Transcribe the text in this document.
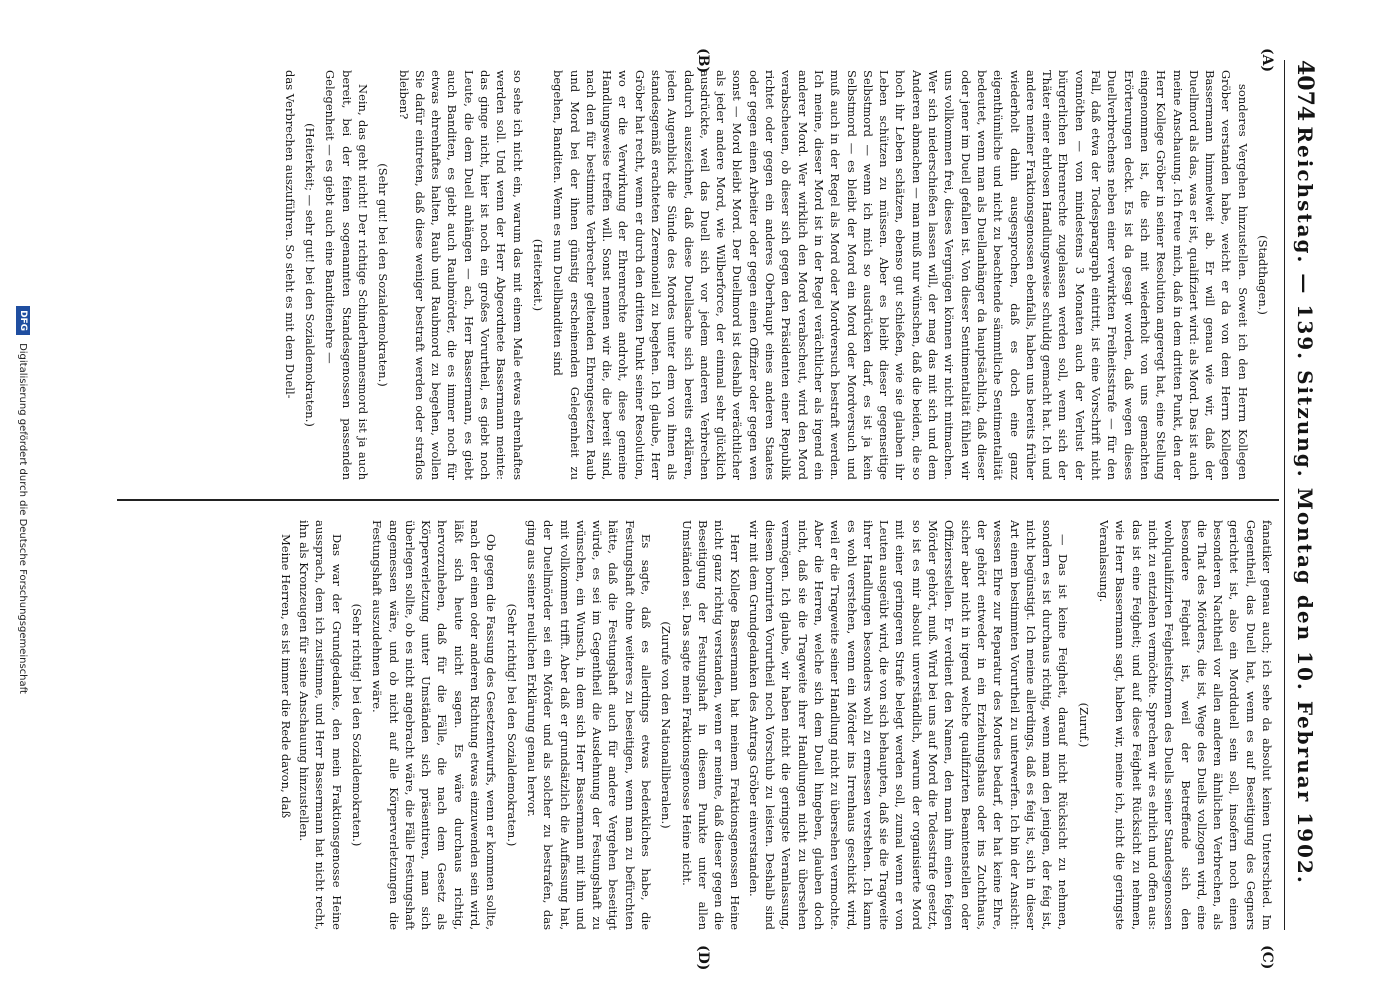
4074
Reichstag. — 139. Sitzung. Montag den 10. Februar 1902.
(A)
(B)
(C)
(D)

(Stadthagen.)

sonderes Vergehen hinzustellen. Soweit ich den Herrn Kollegen Gröber verstanden habe, weicht er da von dem Herrn Kollegen Bassermann himmelweit ab. Er will genau wie wir, daß der Duellmord als das, was er ist, qualifiziert wird: als Mord. Das ist auch meine Anschauung. Ich freue mich, daß in dem dritten Punkt, den der Herr Kollege Gröber in seiner Resolution angeregt hat, eine Stellung eingenommen ist, die sich mit wiederholt von uns gemachten Erörterungen deckt. Es ist da gesagt worden, daß wegen dieses Duellverbrechens neben einer verwirkten Freiheitsstrafe — für den Fall, daß etwa der Todesparagraph eintritt, ist eine Vorschrift nicht vonnöthen — von mindestens 3 Monaten auch der Verlust der bürgerlichen Ehrenrechte zugelassen werden soll, wenn sich der Thäter einer ehrlosen Handlungsweise schuldig gemacht hat. Ich und andere meiner Fraktionsgenossen ebenfalls, haben uns bereits früher wiederholt dahin ausgesprochen, daß es doch eine ganz eigenthümliche und nicht zu beachtende sämmtliche Sentimentalität bedeutet, wenn man als Duellanhänger da hauptsächlich, daß dieser oder jener im Duell gefallen ist. Von dieser Sentimentalität fühlen wir uns vollkommen frei, dieses Vergnügen können wir nicht mitmachen. Wer sich niederschießen lassen will, der mag das mit sich und dem Anderen abmachen — man muß nur wünschen, daß die beiden, die so hoch ihr Leben schätzen, ebenso gut schießen, wie sie glauben ihr Leben schützen zu müssen. Aber es bleibt dieser gegenseitige Selbstmord — wenn ich mich so ausdrücken darf, es ist ja kein Selbstmord — es bleibt der Mord ein Mord oder Mordversuch und muß auch in der Regel als Mord oder Mordversuch bestraft werden. Ich meine, dieser Mord ist in der Regel verächtlicher als irgend ein anderer Mord. Wer wirklich den Mord verabscheut, wird den Mord verabscheuen, ob dieser sich gegen den Präsidenten einer Republik richtet oder gegen ein anderes Oberhaupt eines anderen Staates oder gegen einen Arbeiter oder gegen einen Offizier oder gegen wen sonst — Mord bleibt Mord. Der Duellmord ist deshalb verächtlicher als jeder andere Mord, wie Wilberforce, der einmal sehr glücklich ausdrückte, weil das Duell sich vor jedem anderen Verbrechen dadurch auszeichnet, daß diese Duellsache sich bereits erklären, jeden Augenblick die Sünde des Mordes unter dem von ihnen als standesgemäß erachteten Zeremoniell zu begehen. Ich glaube, Herr Gröber hat recht, wenn er durch den dritten Punkt seiner Resolution, wo er die Verwirkung der Ehrenrechte androht, diese gemeine Handlungsweise treffen will. Sonst nennen wir die, die bereit sind, nach den für bestimmte Verbrecher geltenden Ehrengesetzen Raub und Mord bei der ihnen günstig erscheinenden Gelegenheit zu begehen, Banditen. Wenn es nun Duellbanditen sind

(Heiterkeit.)

so sehe ich nicht ein, warum das mit einem Male etwas ehrenhaftes werden soll. Und wenn der Herr Abgeordnete Bassermann meinte: das ginge nicht, hier ist noch ein großes Vorurtheil, es giebt noch Leute, die dem Duell anhängen — ach, Herr Bassermann, es giebt auch Banditen, es giebt auch Raubmörder, die es immer noch für etwas ehrenhaftes halten, Raub und Raubmord zu begehen, wollen Sie dafür eintreten, daß diese weniger bestraft werden oder straflos bleiben?

(Sehr gut! bei den Sozialdemokraten.)

Nein, das geht nicht! Der richtige Schinderhannesmord ist ja auch bereit, bei der feinen sogenannten Standesgenossen passenden Gelegenheit — es giebt auch eine Banditenehre —

(Heiterkeit; — sehr gut! bei den Sozialdemokraten.)

das Verbrechen auszuführen. So steht es mit dem Duell-

fanatiker genau auch; ich sehe da absolut keinen Unterschied. Im Gegentheil, das Duell hat, wenn es auf Beseitigung des Gegners gerichtet ist, also ein Mordduell sein soll, insofern noch einen besonderen Nachtheil vor allen anderen ähnlichen Verbrechen, als die That des Mörders, die ist, Wege des Duells vollzogen wird, eine besondere Feigheit ist, weil der Betreffende sich den wohlqualifizirten Feigheitsformen des Duells seiner Standesgenossen nicht zu entziehen vermöchte. Sprechen wir es ehrlich und offen aus: das ist eine Feigheit; und auf diese Feigheit Rücksicht zu nehmen, wie Herr Bassermann sagt, haben wir, meine ich, nicht die geringste Veranlassung.

(Zuruf.)

— Das ist keine Feigheit, darauf nicht Rücksicht zu nehmen, sondern es ist durchaus richtig, wenn man den jenigen, der feig ist, nicht begünstigt. Ich meine allerdings, daß es feig ist, sich in dieser Art einem bestimmten Vorurtheil zu unterwerfen. Ich bin der Ansicht: wessen Ehre zur Reparatur des Mordes bedarf, der hat keine Ehre, der gehört entweder in ein Erziehungshaus oder ins Zuchthaus, sicher aber nicht in irgend welche qualifizirten Beamtenstellen oder Offiziersstellen. Er verdient den Namen, den man ihm einen feigen Mörder gehört, muß. Wird bei uns auf Mord die Todesstrafe gesetzt, so ist es mir absolut unverständlich, warum der organisierte Mord mit einer geringeren Strafe belegt werden soll, zumal wenn er von Leuten ausgeübt wird, die von sich behaupten, daß sie die Tragweite ihrer Handlungen besonders wohl zu ermessen verstehen. Ich kann es wohl verstehen, wenn ein Mörder ins Irrenhaus geschickt wird, weil er die Tragweite seiner Handlung nicht zu übersehen vermochte. Aber die Herren, welche sich dem Duell hingeben, glauben doch nicht, daß sie die Tragweite ihrer Handlungen nicht zu übersehen vermögen. Ich glaube, wir haben nicht die geringste Veranlassung, diesem bornirten Vorurtheil noch Vorschub zu leisten. Deshalb sind wir mit dem Grundgedanken des Antrags Gröber einverstanden.

Herr Kollege Bassermann hat meinem Fraktionsgenossen Heine nicht ganz richtig verstanden, wenn er meinte, daß dieser gegen die Beseitigung der Festungshaft in diesem Punkte unter allen Umständen sei. Das sagte mein Fraktionsgenosse Heine nicht.

(Zurufe von den Nationalliberalen.)

Es sagte, daß es allerdings etwas bedenkliches habe, die Festungshaft ohne weiteres zu beseitigen, wenn man zu befürchten hätte, daß die Festungshaft auch für andere Vergehen beseitigt würde, es sei im Gegentheil die Ausdehnung der Festungshaft zu wünschen, ein Wunsch, in dem sich Herr Bassermann mit ihm und mit vollkommen trifft. Aber daß er grundsätzlich die Auffassung hat, der Duellmörder sei ein Mörder und als solcher zu bestrafen, das ging aus seiner neulichen Erklärung genau hervor.

(Sehr richtig! bei den Sozialdemokraten.)

Ob gegen die Fassung des Gesetzentwurfs, wenn er kommen sollte, nach der einen oder anderen Richtung etwas einzuwenden sein wird, läßt sich heute nicht sagen. Es wäre durchaus richtig, hervorzuheben, daß für die Fälle, die nach dem Gesetz als Körperverletzung unter Umständen sich präsentiren, man sich überlegen sollte, ob es nicht angebracht wäre, die Fälle Festungshaft angemessen wäre, und ob nicht auf alle Körperverletzungen die Festungshaft auszudehnen wäre.

(Sehr richtig! bei den Sozialdemokraten.)

Das war der Grundgedanke, den mein Fraktionsgenosse Heine aussprach, dem ich zustimme, und Herr Bassermann hat nicht recht, ihn als Kronzeugen für seine Anschauung hinzustellen.

Meine Herren, es ist immer die Rede davon, daß

DFG
Digitalisierung gefördert durch die Deutsche Forschungsgemeinschaft
